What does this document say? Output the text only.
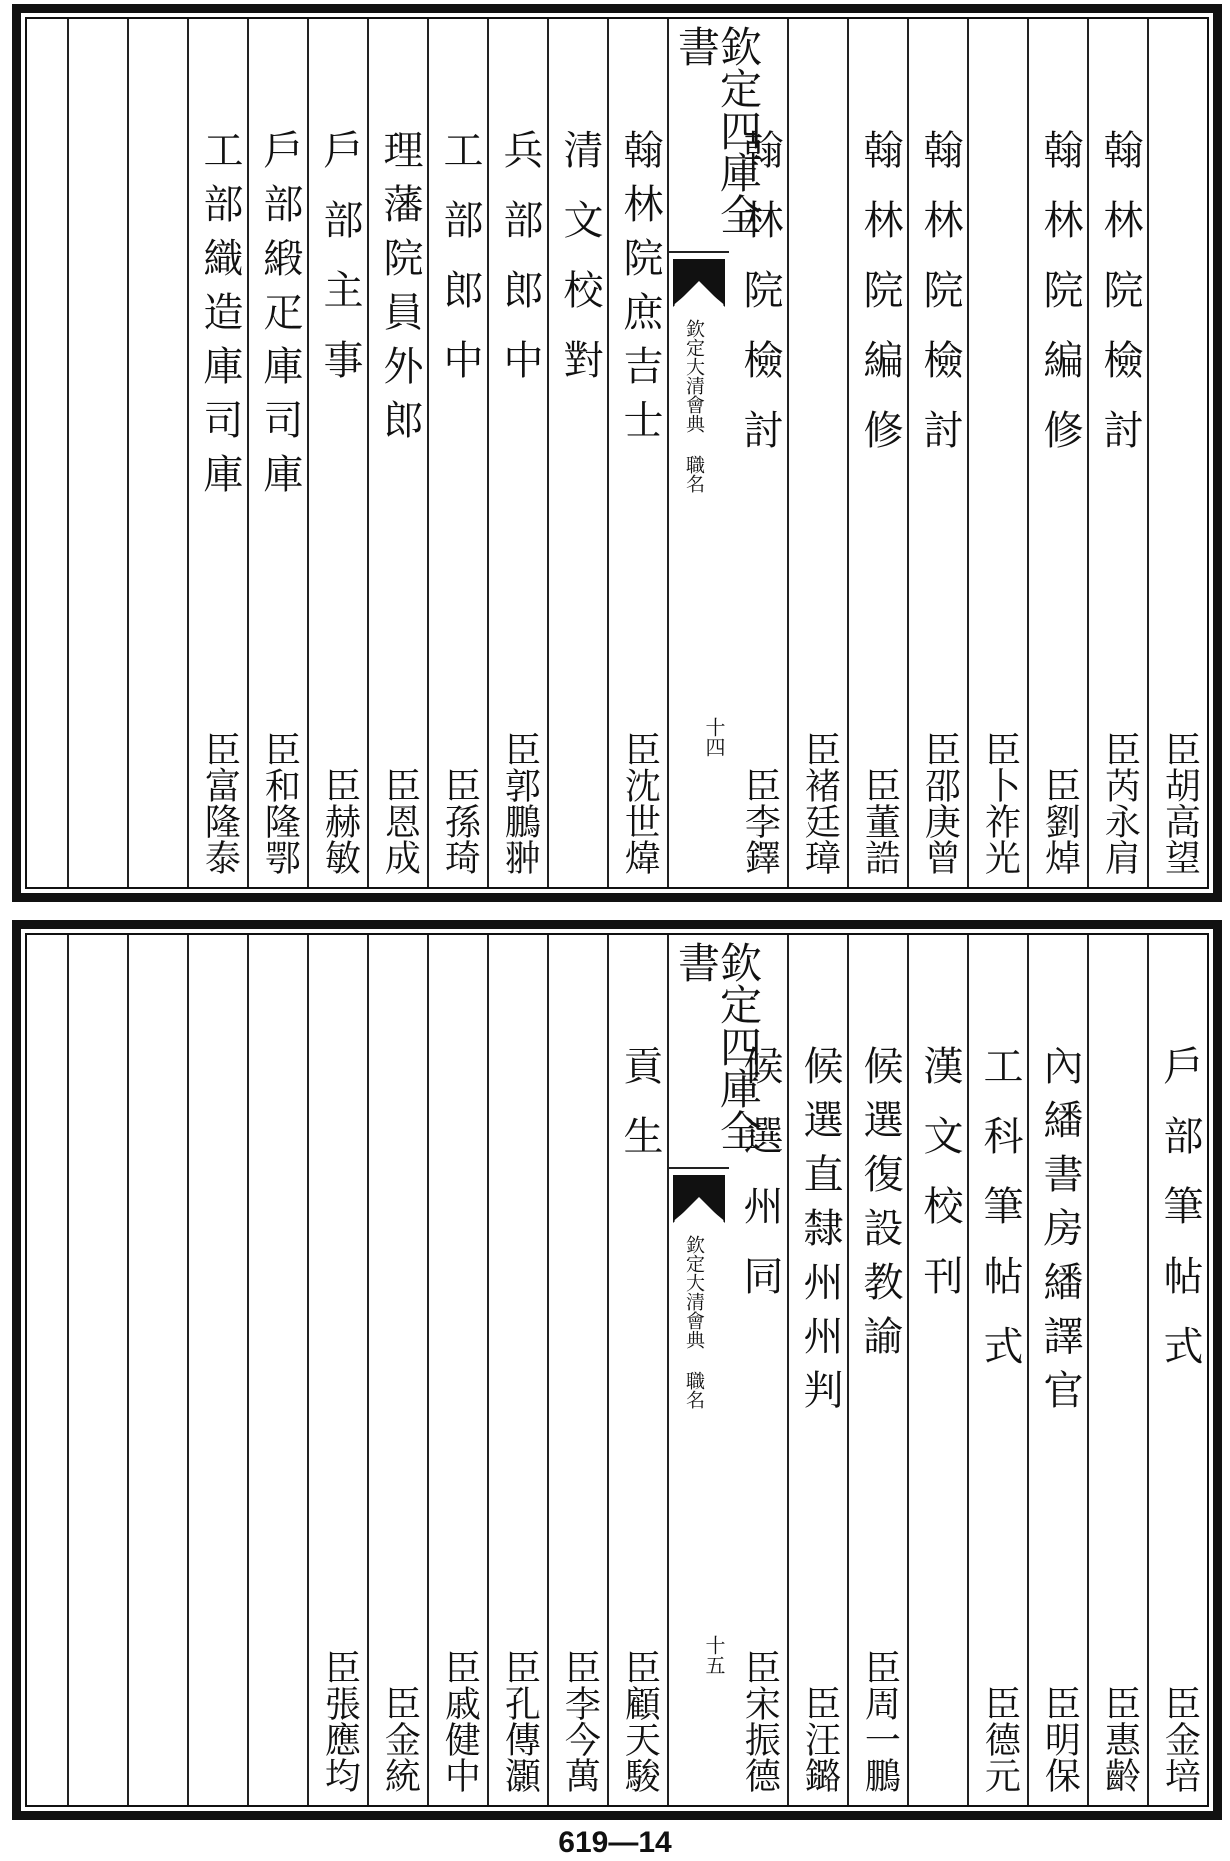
臣胡高望
翰林院檢討
臣芮永肩
翰林院編修
臣劉焯
臣卜祚光
翰林院檢討
臣邵庚曾
翰林院編修
臣董誥
臣褚廷璋
翰林院檢討
臣李鐸
欽定四庫全書
欽定大清會典 職名
十四
翰林院庶吉士
臣沈世煒
清文校對
兵部郎中
臣郭鵬翀
工部郎中
臣孫琦
理藩院員外郎
臣恩成
戶部主事
臣赫敏
戶部緞疋庫司庫
臣和隆鄂
工部織造庫司庫
臣富隆泰
戶部筆帖式
臣金培
臣惠齡
內繙書房繙譯官
臣明保
工科筆帖式
臣德元
漢文校刊
候選復設教諭
臣周一鵬
候選直隸州州判
臣汪鏴
候選州同
臣宋振德
欽定四庫全書
欽定大清會典 職名
十五
貢生
臣顧天駿
臣李今萬
臣孔傳灝
臣戚健中
臣金統
臣張應均
619—14
